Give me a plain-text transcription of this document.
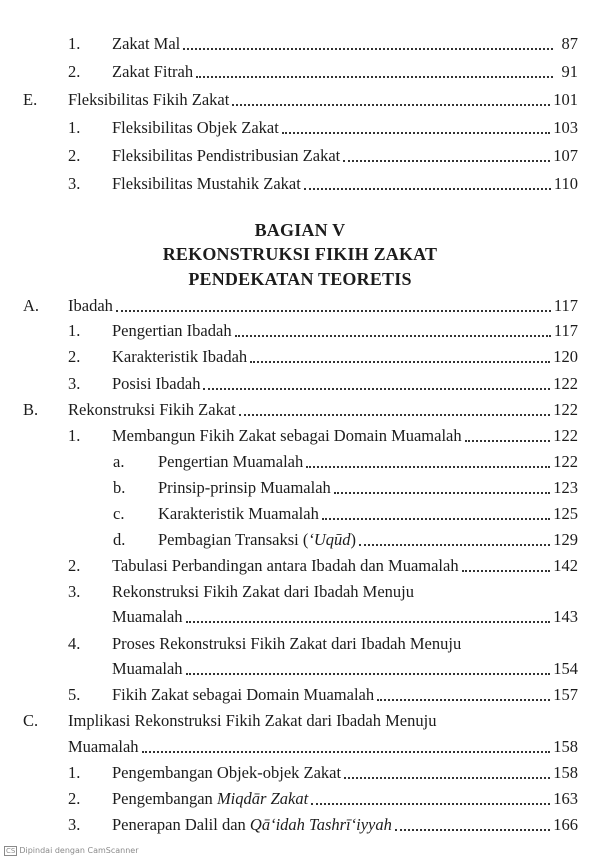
1.	Zakat Mal	87
2.	Zakat Fitrah	91
E.	Fleksibilitas Fikih Zakat	101
1.	Fleksibilitas Objek Zakat	103
2.	Fleksibilitas Pendistribusian Zakat	107
3.	Fleksibilitas Mustahik Zakat	110
BAGIAN V
REKONSTRUKSI FIKIH ZAKAT
PENDEKATAN TEORETIS
A.	Ibadah	117
1.	Pengertian Ibadah	117
2.	Karakteristik Ibadah	120
3.	Posisi Ibadah	122
B.	Rekonstruksi Fikih Zakat	122
1.	Membangun Fikih Zakat sebagai Domain Muamalah	122
a.	Pengertian Muamalah	122
b.	Prinsip-prinsip Muamalah	123
c.	Karakteristik Muamalah	125
d.	Pembagian Transaksi (‘Uqūd)	129
2.	Tabulasi Perbandingan antara Ibadah dan Muamalah	142
3.	Rekonstruksi Fikih Zakat dari Ibadah Menuju
Muamalah	143
4.	Proses Rekonstruksi Fikih Zakat dari Ibadah Menuju
Muamalah	154
5.	Fikih Zakat sebagai Domain Muamalah	157
C.	Implikasi Rekonstruksi Fikih Zakat dari Ibadah Menuju
Muamalah	158
1.	Pengembangan Objek-objek Zakat	158
2.	Pengembangan Miqdār Zakat	163
3.	Penerapan Dalil dan Qā‘idah Tashrī‘iyyah	166
CS Dipindai dengan CamScanner
